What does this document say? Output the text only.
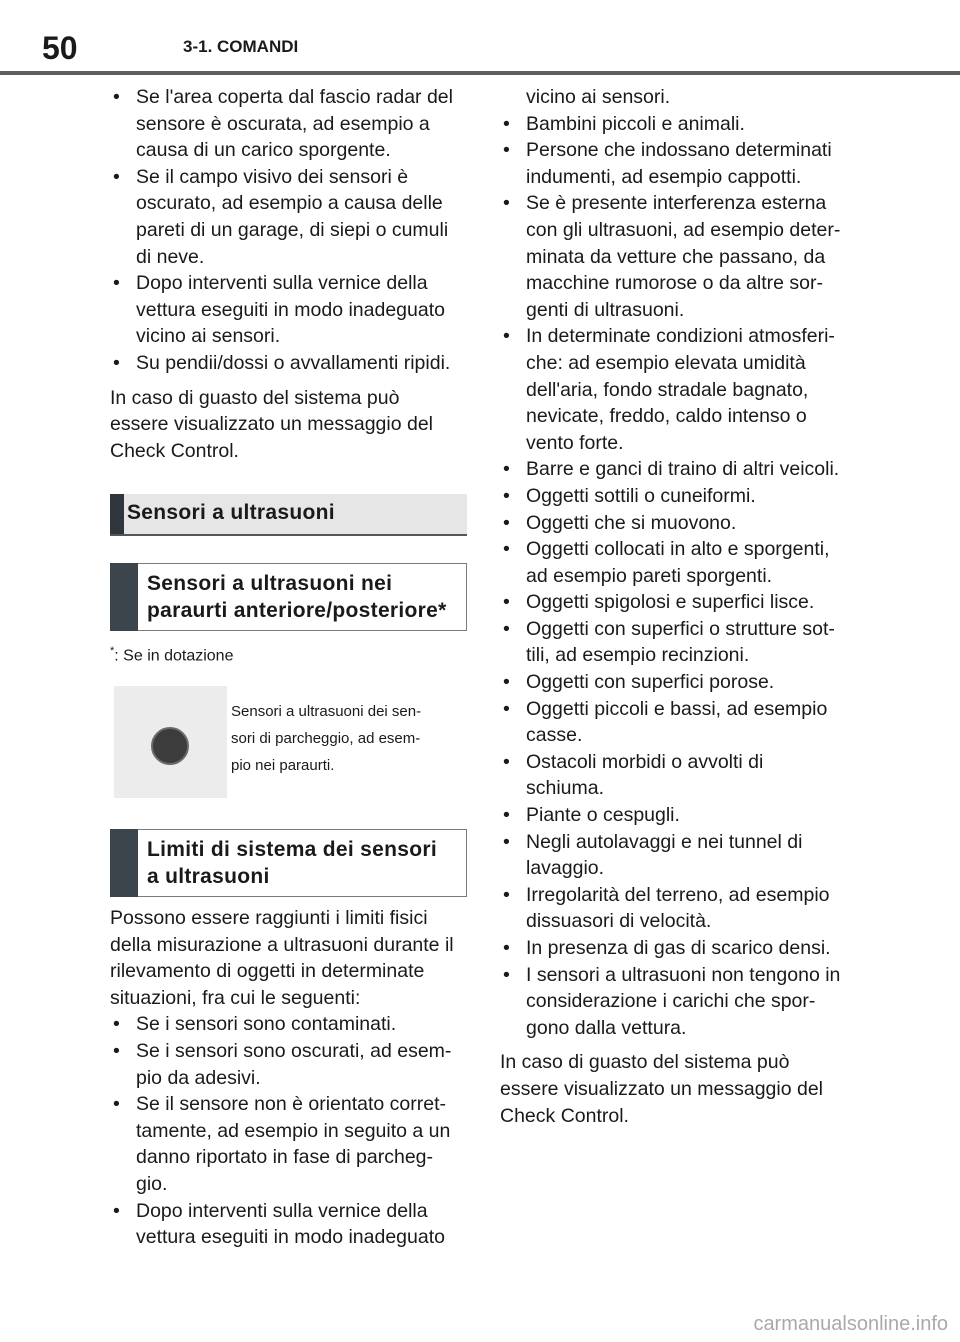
50	3-1. COMANDI
• Se l'area coperta dal fascio radar del
sensore è oscurata, ad esempio a
causa di un carico sporgente.
• Se il campo visivo dei sensori è
oscurato, ad esempio a causa delle
pareti di un garage, di siepi o cumuli
di neve.
• Dopo interventi sulla vernice della
vettura eseguiti in modo inadeguato
vicino ai sensori.
• Su pendii/dossi o avvallamenti ripidi.
In caso di guasto del sistema può
essere visualizzato un messaggio del
Check Control.
Sensori a ultrasuoni
Sensori a ultrasuoni nei
paraurti anteriore/posteriore*
*: Se in dotazione
Sensori a ultrasuoni dei sen-
sori di parcheggio, ad esem-
pio nei paraurti.
Limiti di sistema dei sensori
a ultrasuoni
Possono essere raggiunti i limiti fisici
della misurazione a ultrasuoni durante il
rilevamento di oggetti in determinate
situazioni, fra cui le seguenti:
• Se i sensori sono contaminati.
• Se i sensori sono oscurati, ad esem-
pio da adesivi.
• Se il sensore non è orientato corret-
tamente, ad esempio in seguito a un
danno riportato in fase di parcheg-
gio.
• Dopo interventi sulla vernice della
vettura eseguiti in modo inadeguato
vicino ai sensori.
• Bambini piccoli e animali.
• Persone che indossano determinati
indumenti, ad esempio cappotti.
• Se è presente interferenza esterna
con gli ultrasuoni, ad esempio deter-
minata da vetture che passano, da
macchine rumorose o da altre sor-
genti di ultrasuoni.
• In determinate condizioni atmosferi-
che: ad esempio elevata umidità
dell'aria, fondo stradale bagnato,
nevicate, freddo, caldo intenso o
vento forte.
• Barre e ganci di traino di altri veicoli.
• Oggetti sottili o cuneiformi.
• Oggetti che si muovono.
• Oggetti collocati in alto e sporgenti,
ad esempio pareti sporgenti.
• Oggetti spigolosi e superfici lisce.
• Oggetti con superfici o strutture sot-
tili, ad esempio recinzioni.
• Oggetti con superfici porose.
• Oggetti piccoli e bassi, ad esempio
casse.
• Ostacoli morbidi o avvolti di
schiuma.
• Piante o cespugli.
• Negli autolavaggi e nei tunnel di
lavaggio.
• Irregolarità del terreno, ad esempio
dissuasori di velocità.
• In presenza di gas di scarico densi.
• I sensori a ultrasuoni non tengono in
considerazione i carichi che spor-
gono dalla vettura.
In caso di guasto del sistema può
essere visualizzato un messaggio del
Check Control.
carmanualsonline.info
